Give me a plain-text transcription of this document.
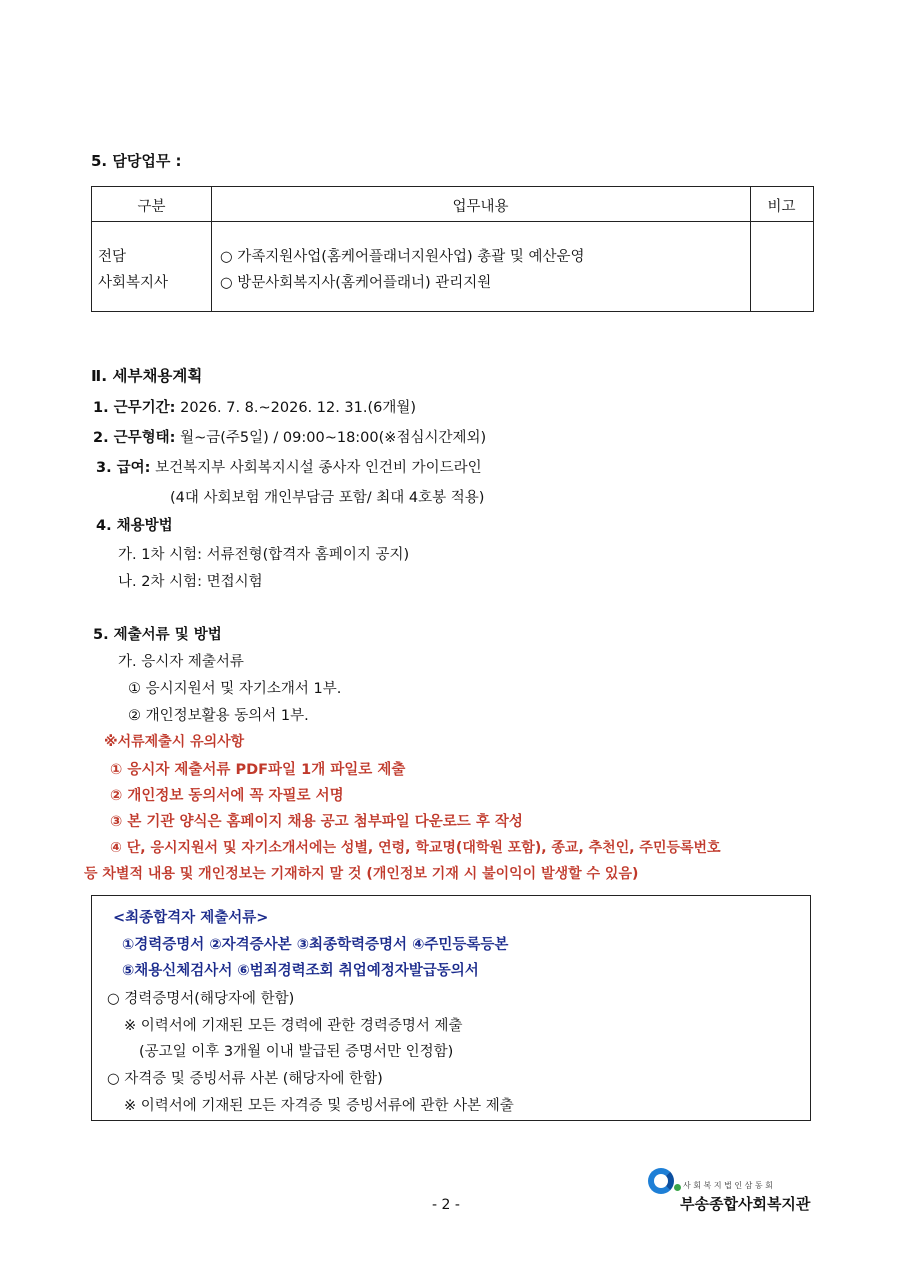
5. 담당업무 :
구분	업무내용	비고
전담
사회복지사
○ 가족지원사업(홈케어플래너지원사업) 총괄 및 예산운영
○ 방문사회복지사(홈케어플래너) 관리지원
Ⅱ. 세부채용계획
1. 근무기간: 2026. 7. 8.~2026. 12. 31.(6개월)
2. 근무형태: 월~금(주5일) / 09:00~18:00(※점심시간제외)
3. 급여: 보건복지부 사회복지시설 종사자 인건비 가이드라인
(4대 사회보험 개인부담금 포함/ 최대 4호봉 적용)
4. 채용방법
가. 1차 시험: 서류전형(합격자 홈페이지 공지)
나. 2차 시험: 면접시험
5. 제출서류 및 방법
가. 응시자 제출서류
① 응시지원서 및 자기소개서 1부.
② 개인정보활용 동의서 1부.
※서류제출시 유의사항
① 응시자 제출서류 PDF파일 1개 파일로 제출
② 개인정보 동의서에 꼭 자필로 서명
③ 본 기관 양식은 홈페이지 채용 공고 첨부파일 다운로드 후 작성
④ 단, 응시지원서 및 자기소개서에는 성별, 연령, 학교명(대학원 포함), 종교, 추천인, 주민등록번호
등 차별적 내용 및 개인정보는 기재하지 말 것 (개인정보 기재 시 불이익이 발생할 수 있음)
<최종합격자 제출서류>
①경력증명서 ②자격증사본 ③최종학력증명서 ④주민등록등본
⑤채용신체검사서 ⑥범죄경력조회 취업예정자발급동의서
○ 경력증명서(해당자에 한함)
※ 이력서에 기재된 모든 경력에 관한 경력증명서 제출
(공고일 이후 3개월 이내 발급된 증명서만 인정함)
○ 자격증 및 증빙서류 사본 (해당자에 한함)
※ 이력서에 기재된 모든 자격증 및 증빙서류에 관한 사본 제출
- 2 -
사 회 복 지 법 인 삼 동 회
부송종합사회복지관
